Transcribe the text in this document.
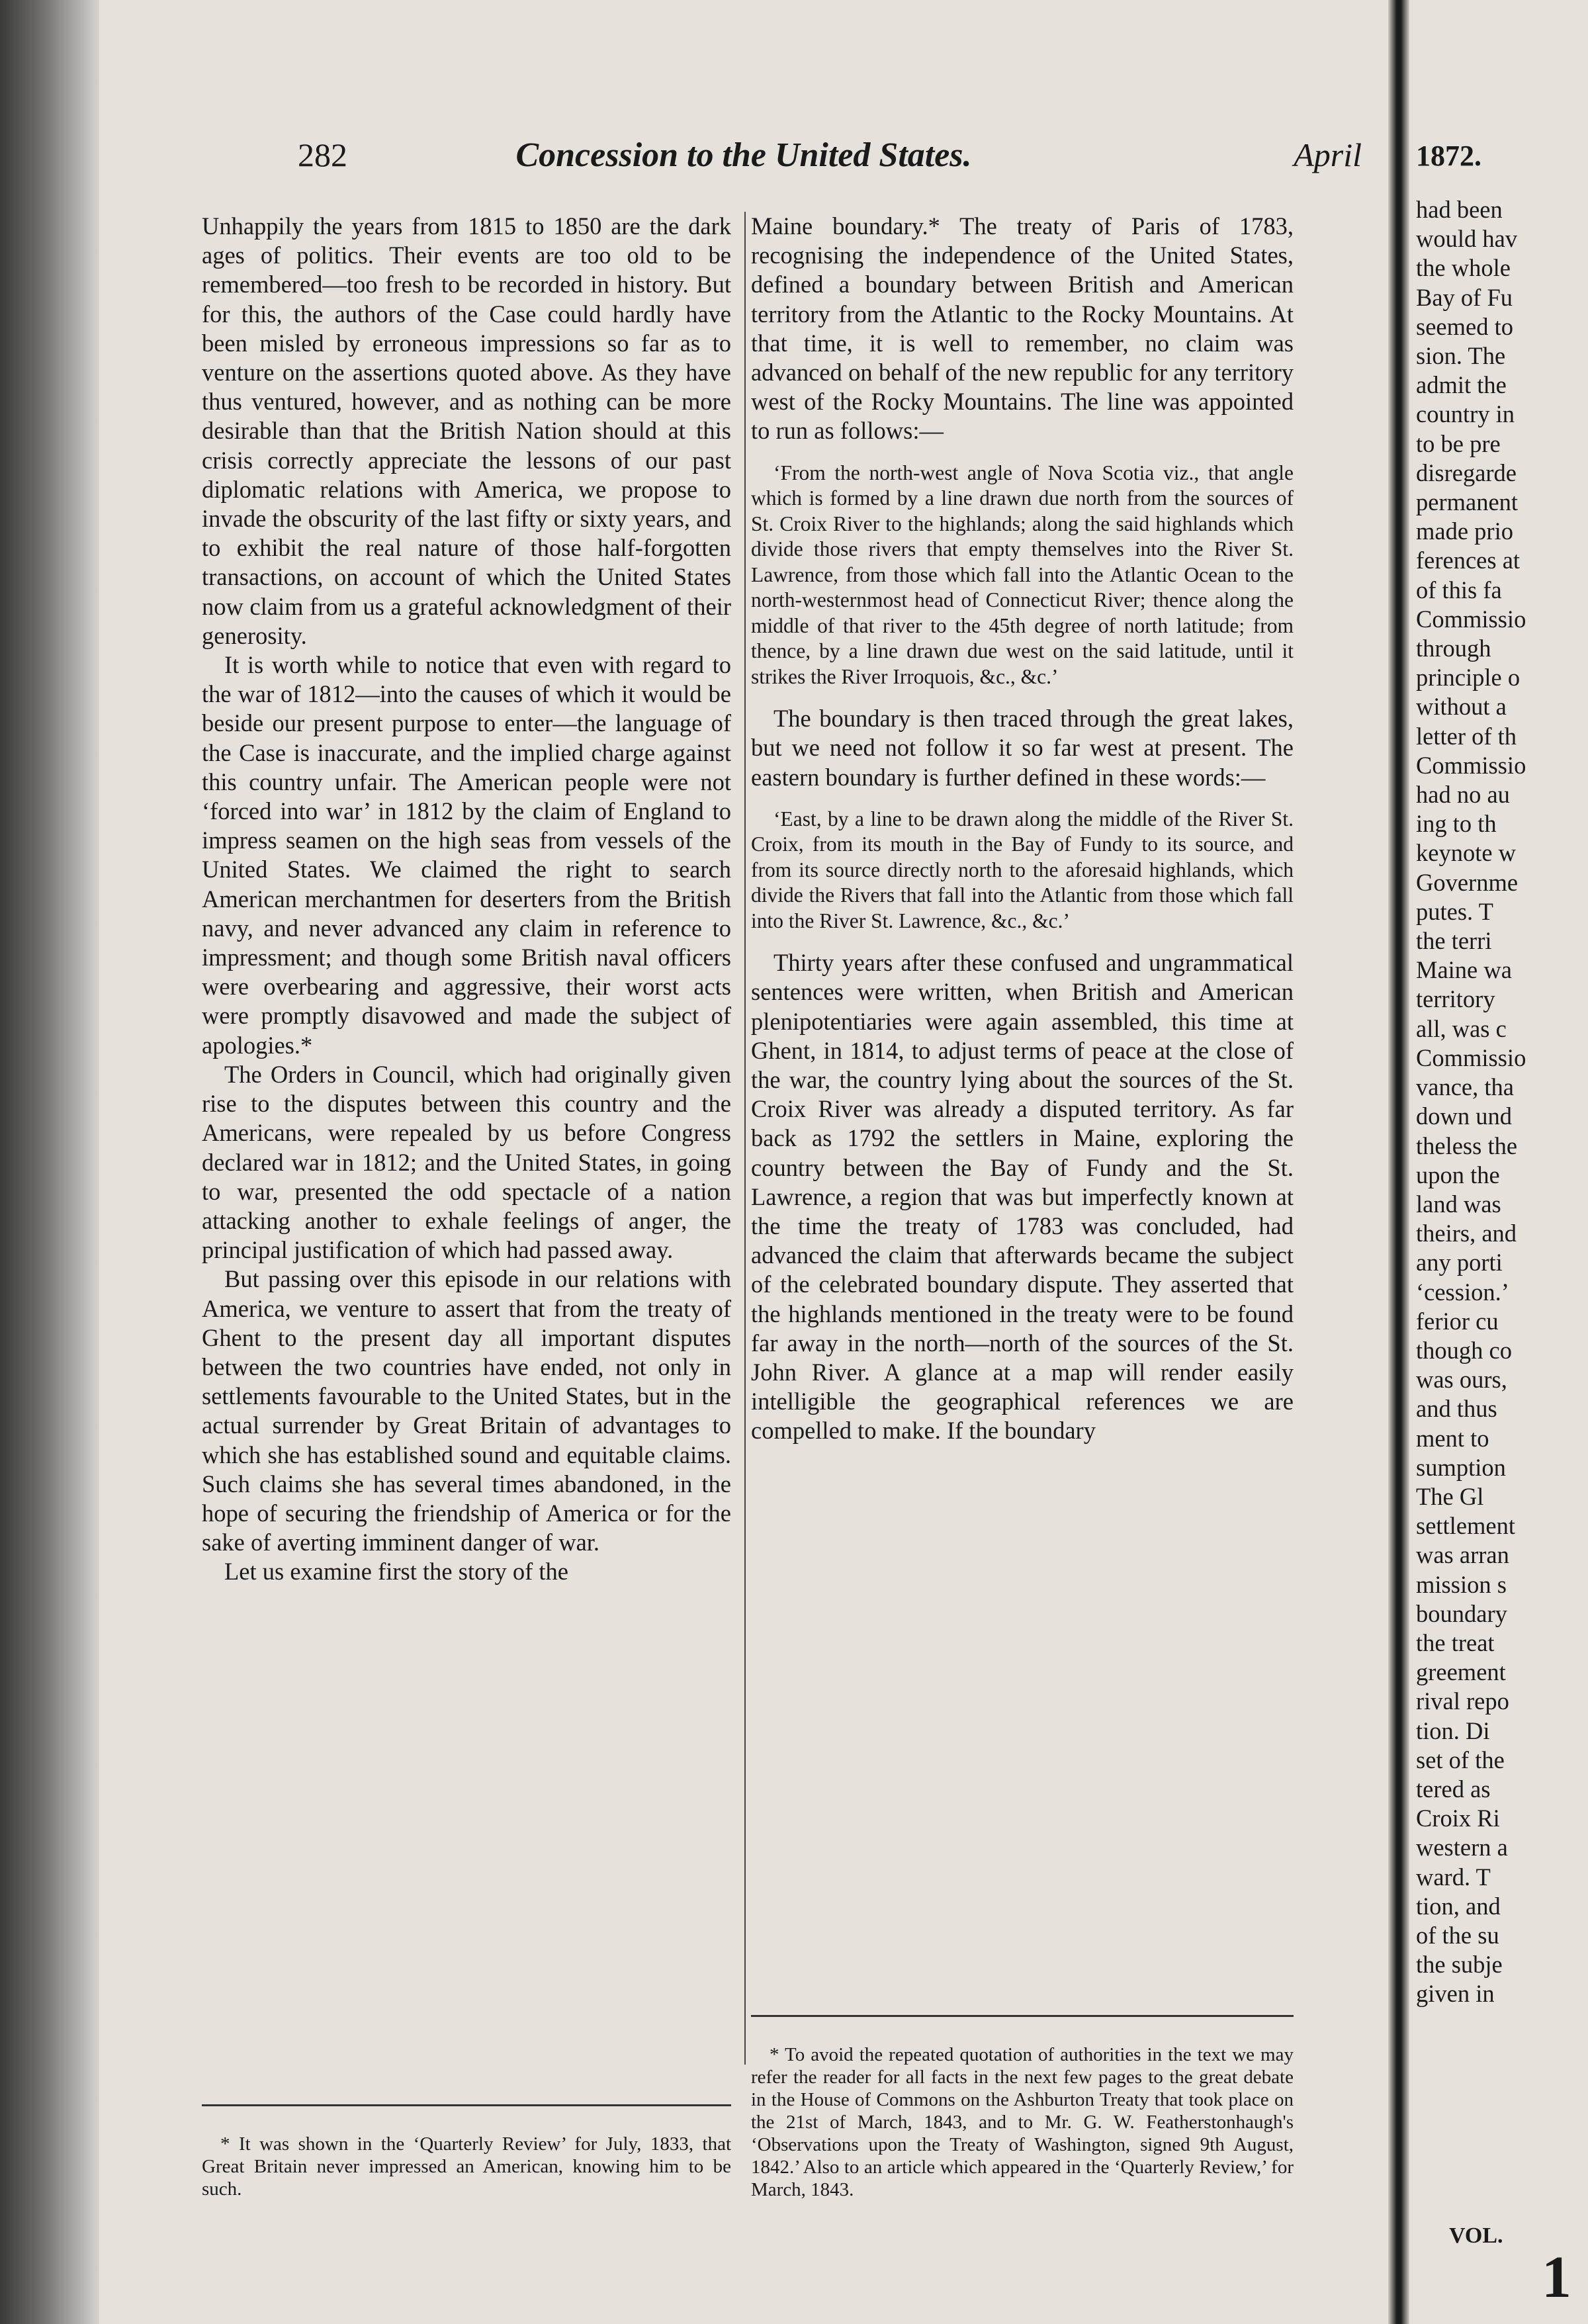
282	Concession to the United States.	April

Unhappily the years from 1815 to 1850 are the dark ages of politics. Their events are too old to be remembered—too fresh to be recorded in history. But for this, the authors of the Case could hardly have been misled by erroneous impressions so far as to venture on the assertions quoted above. As they have thus ventured, however, and as nothing can be more desirable than that the British Nation should at this crisis correctly appreciate the lessons of our past diplomatic relations with America, we propose to invade the obscurity of the last fifty or sixty years, and to exhibit the real nature of those half-forgotten transactions, on account of which the United States now claim from us a grateful acknowledgment of their generosity.

It is worth while to notice that even with regard to the war of 1812—into the causes of which it would be beside our present purpose to enter—the language of the Case is inaccurate, and the implied charge against this country unfair. The American people were not ‘forced into war’ in 1812 by the claim of England to impress seamen on the high seas from vessels of the United States. We claimed the right to search American merchantmen for deserters from the British navy, and never advanced any claim in reference to impressment; and though some British naval officers were overbearing and aggressive, their worst acts were promptly disavowed and made the subject of apologies.*

The Orders in Council, which had originally given rise to the disputes between this country and the Americans, were repealed by us before Congress declared war in 1812; and the United States, in going to war, presented the odd spectacle of a nation attacking another to exhale feelings of anger, the principal justification of which had passed away.

But passing over this episode in our relations with America, we venture to assert that from the treaty of Ghent to the present day all important disputes between the two countries have ended, not only in settlements favourable to the United States, but in the actual surrender by Great Britain of advantages to which she has established sound and equitable claims. Such claims she has several times abandoned, in the hope of securing the friendship of America or for the sake of averting imminent danger of war.

Let us examine first the story of the

Maine boundary.* The treaty of Paris of 1783, recognising the independence of the United States, defined a boundary between British and American territory from the Atlantic to the Rocky Mountains. At that time, it is well to remember, no claim was advanced on behalf of the new republic for any territory west of the Rocky Mountains. The line was appointed to run as follows:—

‘From the north-west angle of Nova Scotia viz., that angle which is formed by a line drawn due north from the sources of St. Croix River to the highlands; along the said highlands which divide those rivers that empty themselves into the River St. Lawrence, from those which fall into the Atlantic Ocean to the north-westernmost head of Connecticut River; thence along the middle of that river to the 45th degree of north latitude; from thence, by a line drawn due west on the said latitude, until it strikes the River Irroquois, &c., &c.’

The boundary is then traced through the great lakes, but we need not follow it so far west at present. The eastern boundary is further defined in these words:—

‘East, by a line to be drawn along the middle of the River St. Croix, from its mouth in the Bay of Fundy to its source, and from its source directly north to the aforesaid highlands, which divide the Rivers that fall into the Atlantic from those which fall into the River St. Lawrence, &c., &c.’

Thirty years after these confused and ungrammatical sentences were written, when British and American plenipotentiaries were again assembled, this time at Ghent, in 1814, to adjust terms of peace at the close of the war, the country lying about the sources of the St. Croix River was already a disputed territory. As far back as 1792 the settlers in Maine, exploring the country between the Bay of Fundy and the St. Lawrence, a region that was but imperfectly known at the time the treaty of 1783 was concluded, had advanced the claim that afterwards became the subject of the celebrated boundary dispute. They asserted that the highlands mentioned in the treaty were to be found far away in the north—north of the sources of the St. John River. A glance at a map will render easily intelligible the geographical references we are compelled to make. If the boundary

* It was shown in the ‘Quarterly Review’ for July, 1833, that Great Britain never impressed an American, knowing him to be such.

* To avoid the repeated quotation of authorities in the text we may refer the reader for all facts in the next few pages to the great debate in the House of Commons on the Ashburton Treaty that took place on the 21st of March, 1843, and to Mr. G. W. Featherstonhaugh's ‘Observations upon the Treaty of Washington, signed 9th August, 1842.’ Also to an article which appeared in the ‘Quarterly Review,’ for March, 1843.

1872.
had been
would hav
the whole
Bay of Fu
seemed to
sion. The
admit the
country in
to be pre
disregarde
permanent
made prio
ferences at
of this fa
Commissio
through
principle o
without a
letter of th
Commissio
had no au
ing to th
keynote w
Governme
putes. T
the terri
Maine wa
territory
all, was c
Commissio
vance, tha
down und
theless the
upon the
land was
theirs, and
any porti
‘cession.’
ferior cu
though co
was ours,
and thus
ment to
sumption
The Gl
settlement
was arran
mission s
boundary
the treat
greement
rival repo
tion. Di
set of the
tered as
Croix Ri
western a
ward. T
tion, and
of the su
the subje
given in
VOL.
1
